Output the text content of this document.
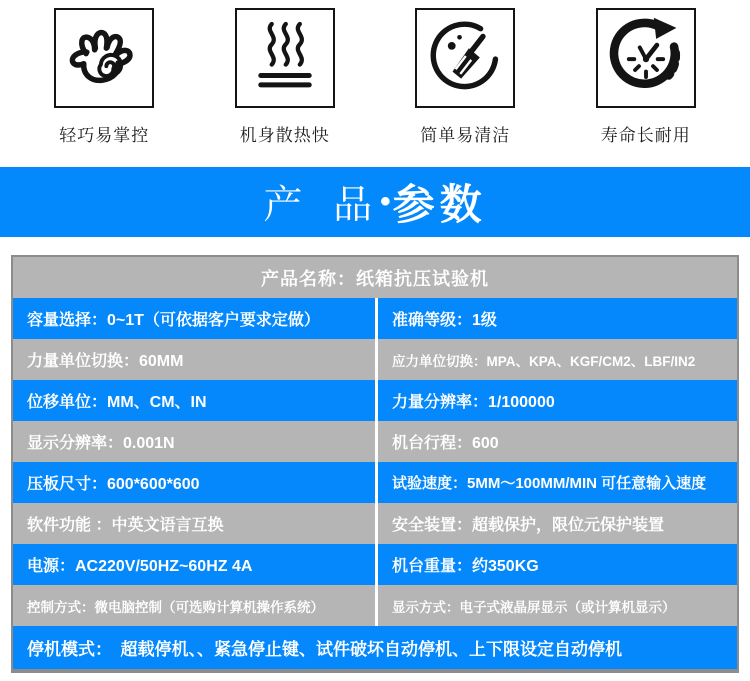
轻巧易掌控	机身散热快	简单易清洁	寿命长耐用
产 品
• 参数
产品名称：纸箱抗压试验机
容量选择：0~1T（可依据客户要求定做）	准确等级：1级
力量单位切换：60MM	应力单位切换：MPA、KPA、KGF/CM2、LBF/IN2
位移单位：MM、CM、IN	力量分辨率：1/100000
显示分辨率：0.001N	机台行程：600
压板尺寸：600*600*600	试验速度：5MM～100MM/MIN 可任意输入速度
软件功能 ：中英文语言互换	安全装置：超载保护，限位元保护装置
电源：AC220V/50HZ~60HZ 4A	机台重量：约350KG
控制方式：微电脑控制（可选购计算机操作系统）	显示方式：电子式液晶屏显示（或计算机显示）
停机模式：　超载停机、、紧急停止键、试件破坏自动停机、上下限设定自动停机
